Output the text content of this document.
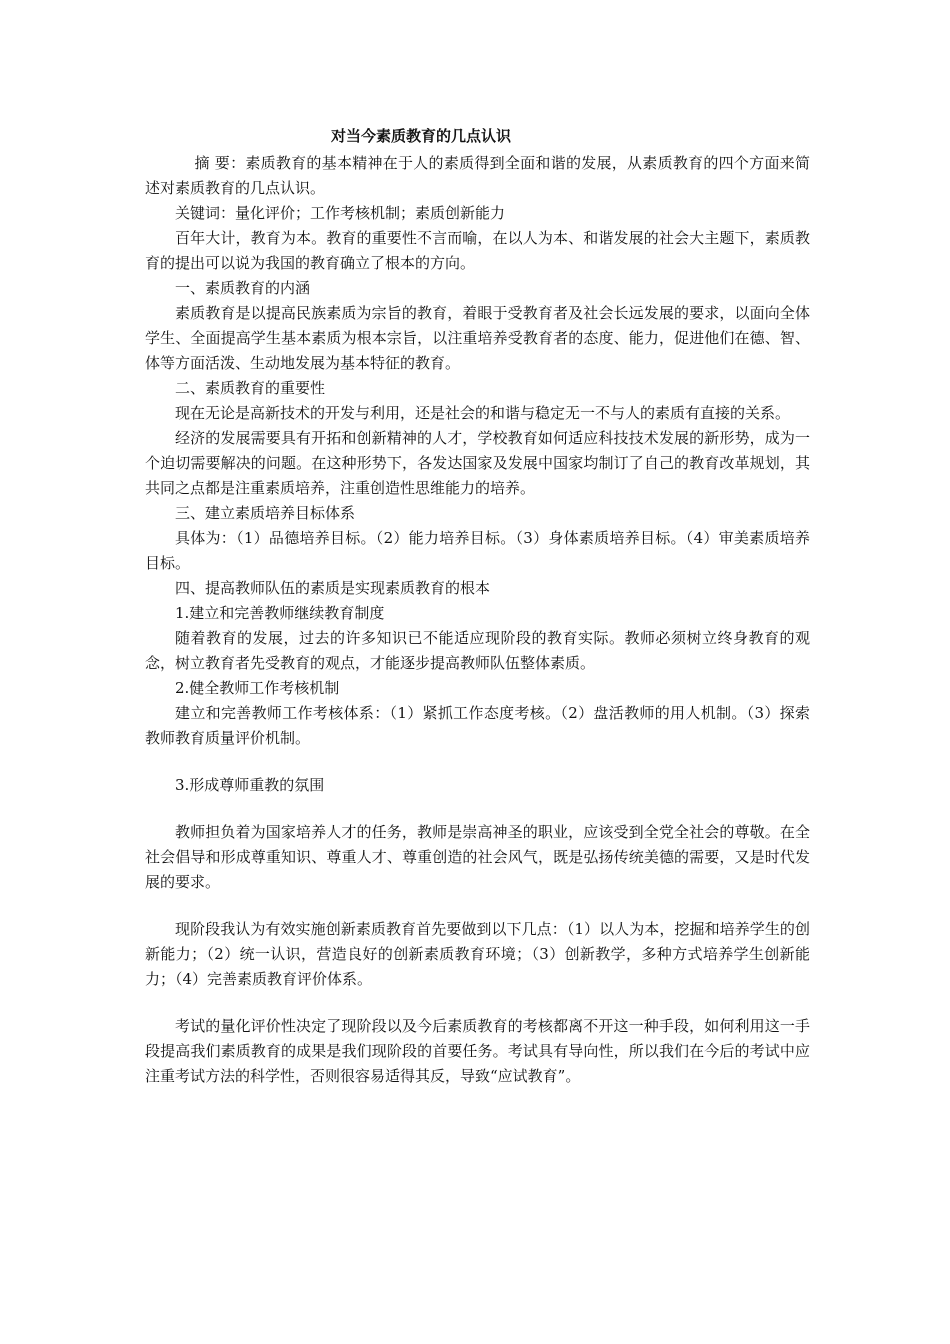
对当今素质教育的几点认识

摘 要：素质教育的基本精神在于人的素质得到全面和谐的发展，从素质教育的四个方面来简述对素质教育的几点认识。

关键词：量化评价；工作考核机制；素质创新能力

百年大计，教育为本。教育的重要性不言而喻，在以人为本、和谐发展的社会大主题下，素质教育的提出可以说为我国的教育确立了根本的方向。

一、素质教育的内涵

素质教育是以提高民族素质为宗旨的教育，着眼于受教育者及社会长远发展的要求，以面向全体学生、全面提高学生基本素质为根本宗旨，以注重培养受教育者的态度、能力，促进他们在德、智、体等方面活泼、生动地发展为基本特征的教育。

二、素质教育的重要性

现在无论是高新技术的开发与利用，还是社会的和谐与稳定无一不与人的素质有直接的关系。

经济的发展需要具有开拓和创新精神的人才，学校教育如何适应科技技术发展的新形势，成为一个迫切需要解决的问题。在这种形势下，各发达国家及发展中国家均制订了自己的教育改革规划，其共同之点都是注重素质培养，注重创造性思维能力的培养。

三、建立素质培养目标体系

具体为：（1）品德培养目标。（2）能力培养目标。（3）身体素质培养目标。（4）审美素质培养目标。

四、提高教师队伍的素质是实现素质教育的根本

1.建立和完善教师继续教育制度

随着教育的发展，过去的许多知识已不能适应现阶段的教育实际。教师必须树立终身教育的观念，树立教育者先受教育的观点，才能逐步提高教师队伍整体素质。

2.健全教师工作考核机制

建立和完善教师工作考核体系：（1）紧抓工作态度考核。（2）盘活教师的用人机制。（3）探索教师教育质量评价机制。

3.形成尊师重教的氛围

教师担负着为国家培养人才的任务，教师是崇高神圣的职业，应该受到全党全社会的尊敬。在全社会倡导和形成尊重知识、尊重人才、尊重创造的社会风气，既是弘扬传统美德的需要，又是时代发展的要求。

现阶段我认为有效实施创新素质教育首先要做到以下几点：（1）以人为本，挖掘和培养学生的创新能力；（2）统一认识，营造良好的创新素质教育环境；（3）创新教学，多种方式培养学生创新能力；（4）完善素质教育评价体系。

考试的量化评价性决定了现阶段以及今后素质教育的考核都离不开这一种手段，如何利用这一手段提高我们素质教育的成果是我们现阶段的首要任务。考试具有导向性，所以我们在今后的考试中应注重考试方法的科学性，否则很容易适得其反，导致“应试教育”。
